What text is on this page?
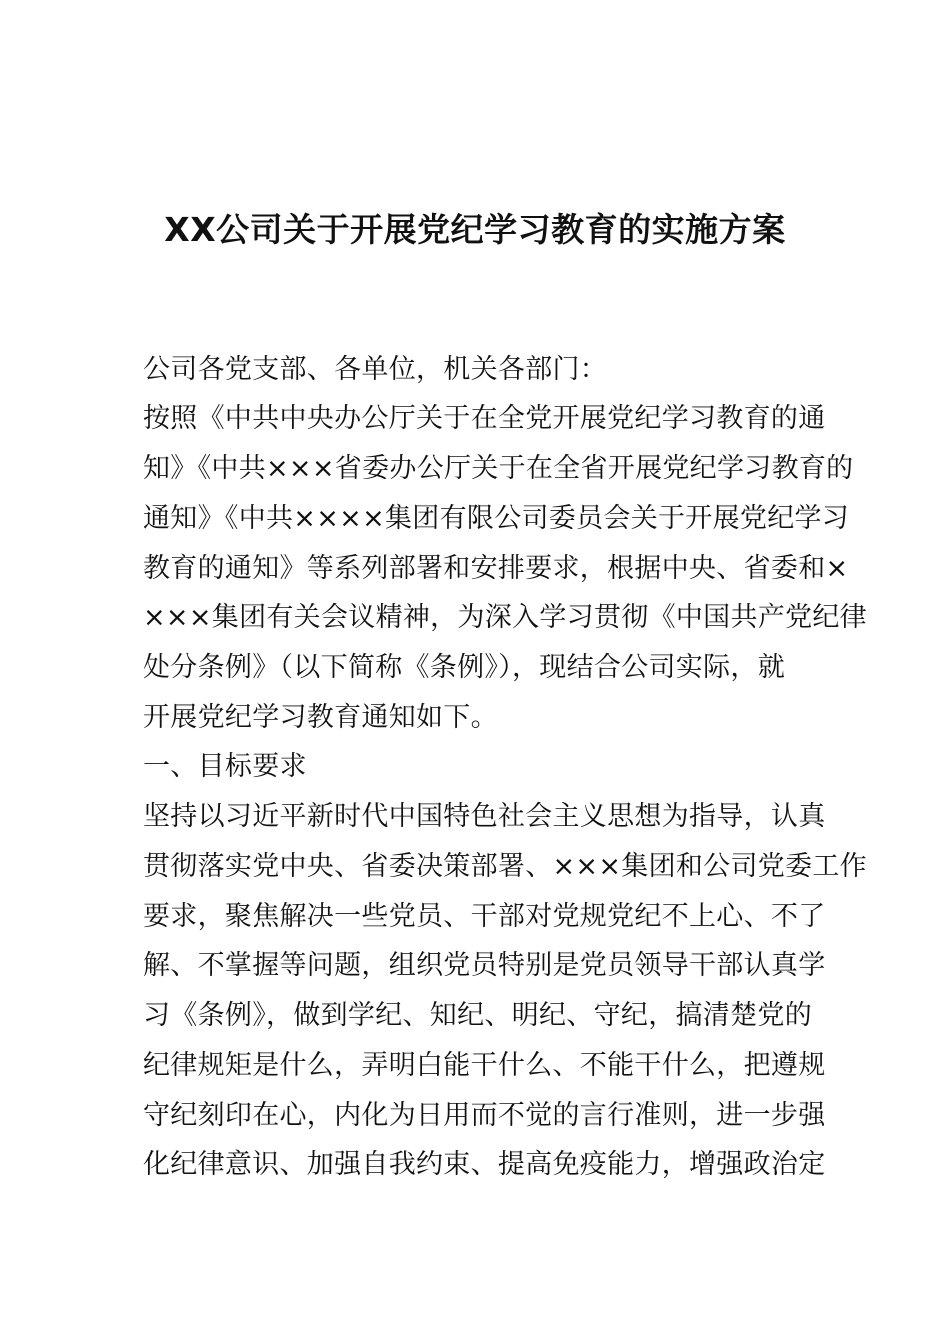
XX公司关于开展党纪学习教育的实施方案
公司各党支部、各单位，机关各部门：
按照《中共中央办公厅关于在全党开展党纪学习教育的通
知》《中共×××省委办公厅关于在全省开展党纪学习教育的
通知》《中共××××集团有限公司委员会关于开展党纪学习
教育的通知》等系列部署和安排要求，根据中央、省委和×
×××集团有关会议精神，为深入学习贯彻《中国共产党纪律
处分条例》（以下简称《条例》），现结合公司实际，就
开展党纪学习教育通知如下。
一、目标要求
坚持以习近平新时代中国特色社会主义思想为指导，认真
贯彻落实党中央、省委决策部署、×××集团和公司党委工作
要求，聚焦解决一些党员、干部对党规党纪不上心、不了
解、不掌握等问题，组织党员特别是党员领导干部认真学
习《条例》，做到学纪、知纪、明纪、守纪，搞清楚党的
纪律规矩是什么，弄明白能干什么、不能干什么，把遵规
守纪刻印在心，内化为日用而不觉的言行准则，进一步强
化纪律意识、加强自我约束、提高免疫能力，增强政治定
